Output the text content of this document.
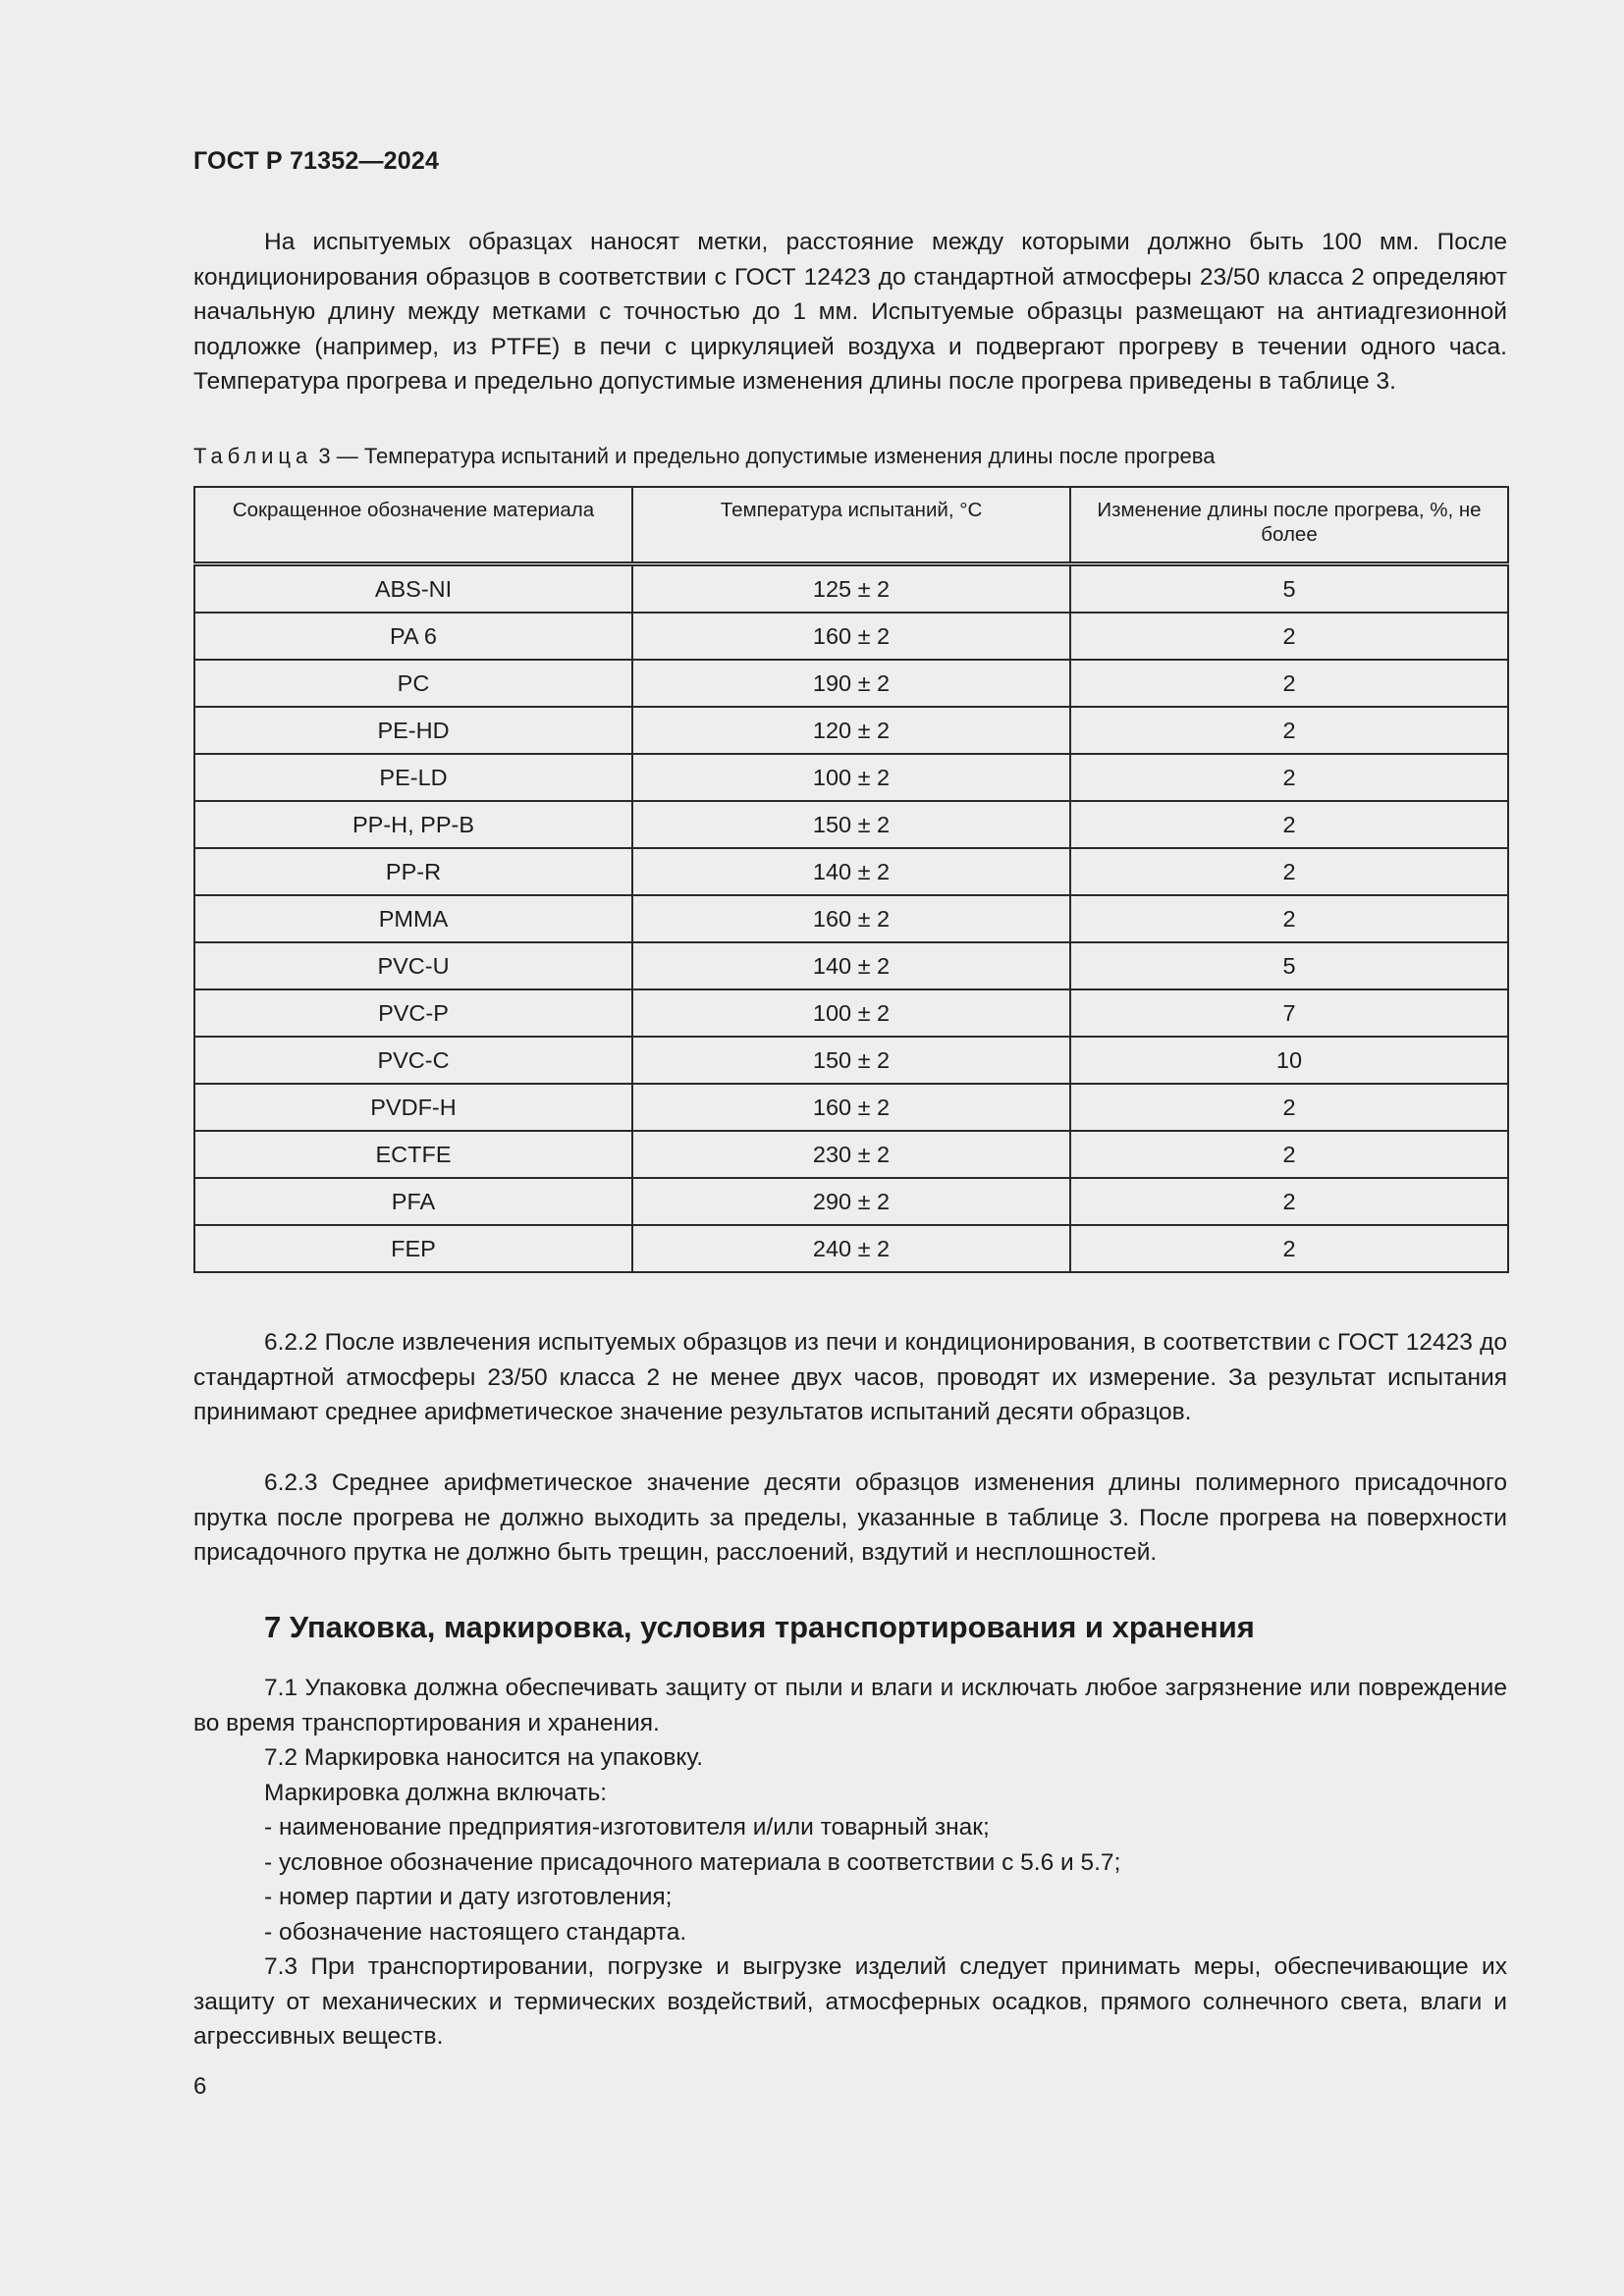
ГОСТ Р 71352—2024
На испытуемых образцах наносят метки, расстояние между которыми должно быть 100 мм. После кондиционирования образцов в соответствии с ГОСТ 12423 до стандартной атмосферы 23/50 класса 2 определяют начальную длину между метками с точностью до 1 мм. Испытуемые образцы размещают на антиадгезионной подложке (например, из PTFE) в печи с циркуляцией воздуха и подвергают прогреву в течении одного часа. Температура прогрева и предельно допустимые изменения длины после прогрева приведены в таблице 3.
Таблица 3 — Температура испытаний и предельно допустимые изменения длины после прогрева
Сокращенное обозначение материала	Температура испытаний, °С	Изменение длины после прогрева, %, не более
ABS-NI	125 ± 2	5
PA 6	160 ± 2	2
PC	190 ± 2	2
PE-HD	120 ± 2	2
PE-LD	100 ± 2	2
PP-H, PP-B	150 ± 2	2
PP-R	140 ± 2	2
PMMA	160 ± 2	2
PVC-U	140 ± 2	5
PVC-P	100 ± 2	7
PVC-C	150 ± 2	10
PVDF-H	160 ± 2	2
ECTFE	230 ± 2	2
PFA	290 ± 2	2
FEP	240 ± 2	2
6.2.2 После извлечения испытуемых образцов из печи и кондиционирования, в соответствии с ГОСТ 12423 до стандартной атмосферы 23/50 класса 2 не менее двух часов, проводят их измерение. За результат испытания принимают среднее арифметическое значение результатов испытаний десяти образцов.
6.2.3 Среднее арифметическое значение десяти образцов изменения длины полимерного присадочного прутка после прогрева не должно выходить за пределы, указанные в таблице 3. После прогрева на поверхности присадочного прутка не должно быть трещин, расслоений, вздутий и несплошностей.
7 Упаковка, маркировка, условия транспортирования и хранения
7.1 Упаковка должна обеспечивать защиту от пыли и влаги и исключать любое загрязнение или повреждение во время транспортирования и хранения.
7.2 Маркировка наносится на упаковку.
Маркировка должна включать:
- наименование предприятия-изготовителя и/или товарный знак;
- условное обозначение присадочного материала в соответствии с 5.6 и 5.7;
- номер партии и дату изготовления;
- обозначение настоящего стандарта.
7.3 При транспортировании, погрузке и выгрузке изделий следует принимать меры, обеспечивающие их защиту от механических и термических воздействий, атмосферных осадков, прямого солнечного света, влаги и агрессивных веществ.
6
